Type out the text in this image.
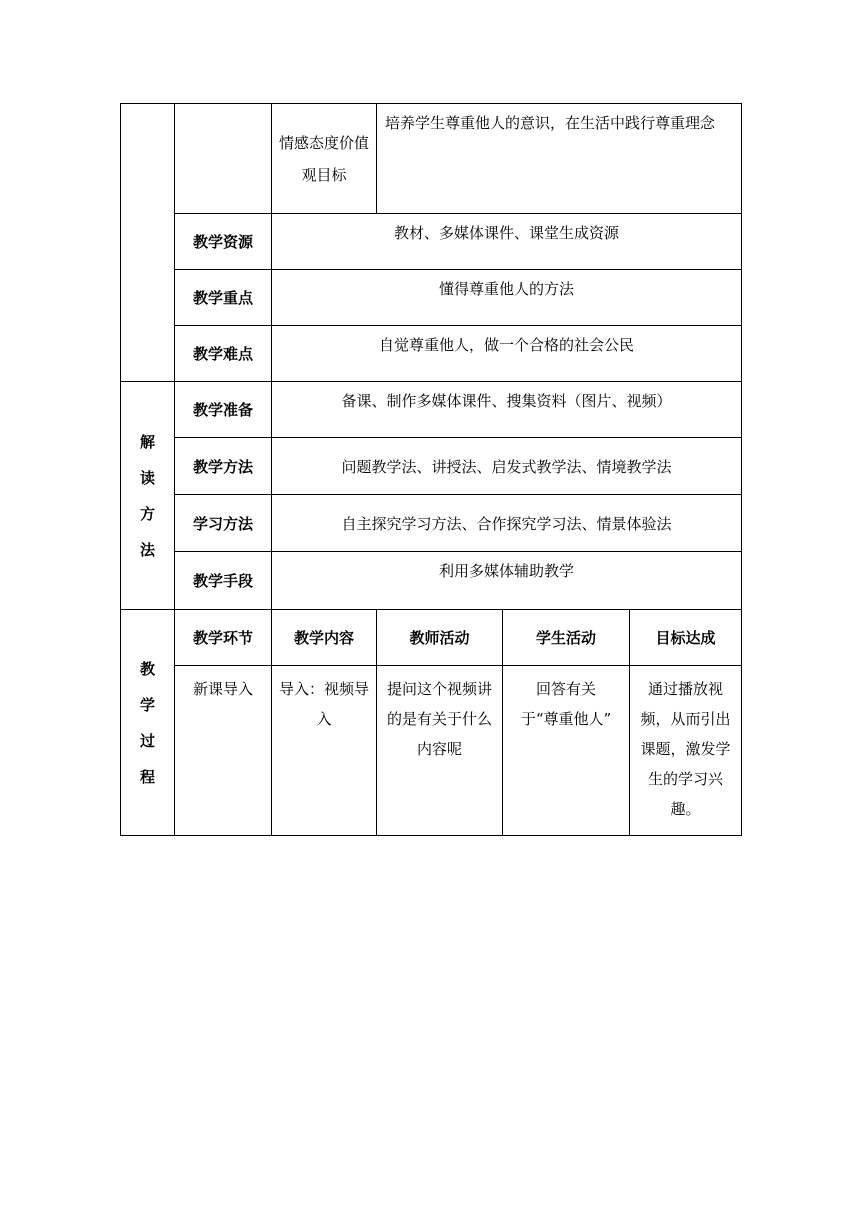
		情感态度价值观目标	培养学生尊重他人的意识，在生活中践行尊重理念		
	教学资源	教材、多媒体课件、课堂生成资源			
	教学重点	懂得尊重他人的方法			
	教学难点	自觉尊重他人，做一个合格的社会公民			

解
读
方
法	教学准备	备课、制作多媒体课件、搜集资料（图片、视频）			
	教学方法	问题教学法、讲授法、启发式教学法、情境教学法			
	学习方法	自主探究学习方法、合作探究学习法、情景体验法			
	教学手段	利用多媒体辅助教学			

教
学
过
程	教学环节	教学内容	教师活动	学生活动	目标达成
	新课导入	导入：视频导入	提问这个视频讲的是有关于什么内容呢	回答有关于“尊重他人”	通过播放视频，从而引出课题，激发学生的学习兴趣。
